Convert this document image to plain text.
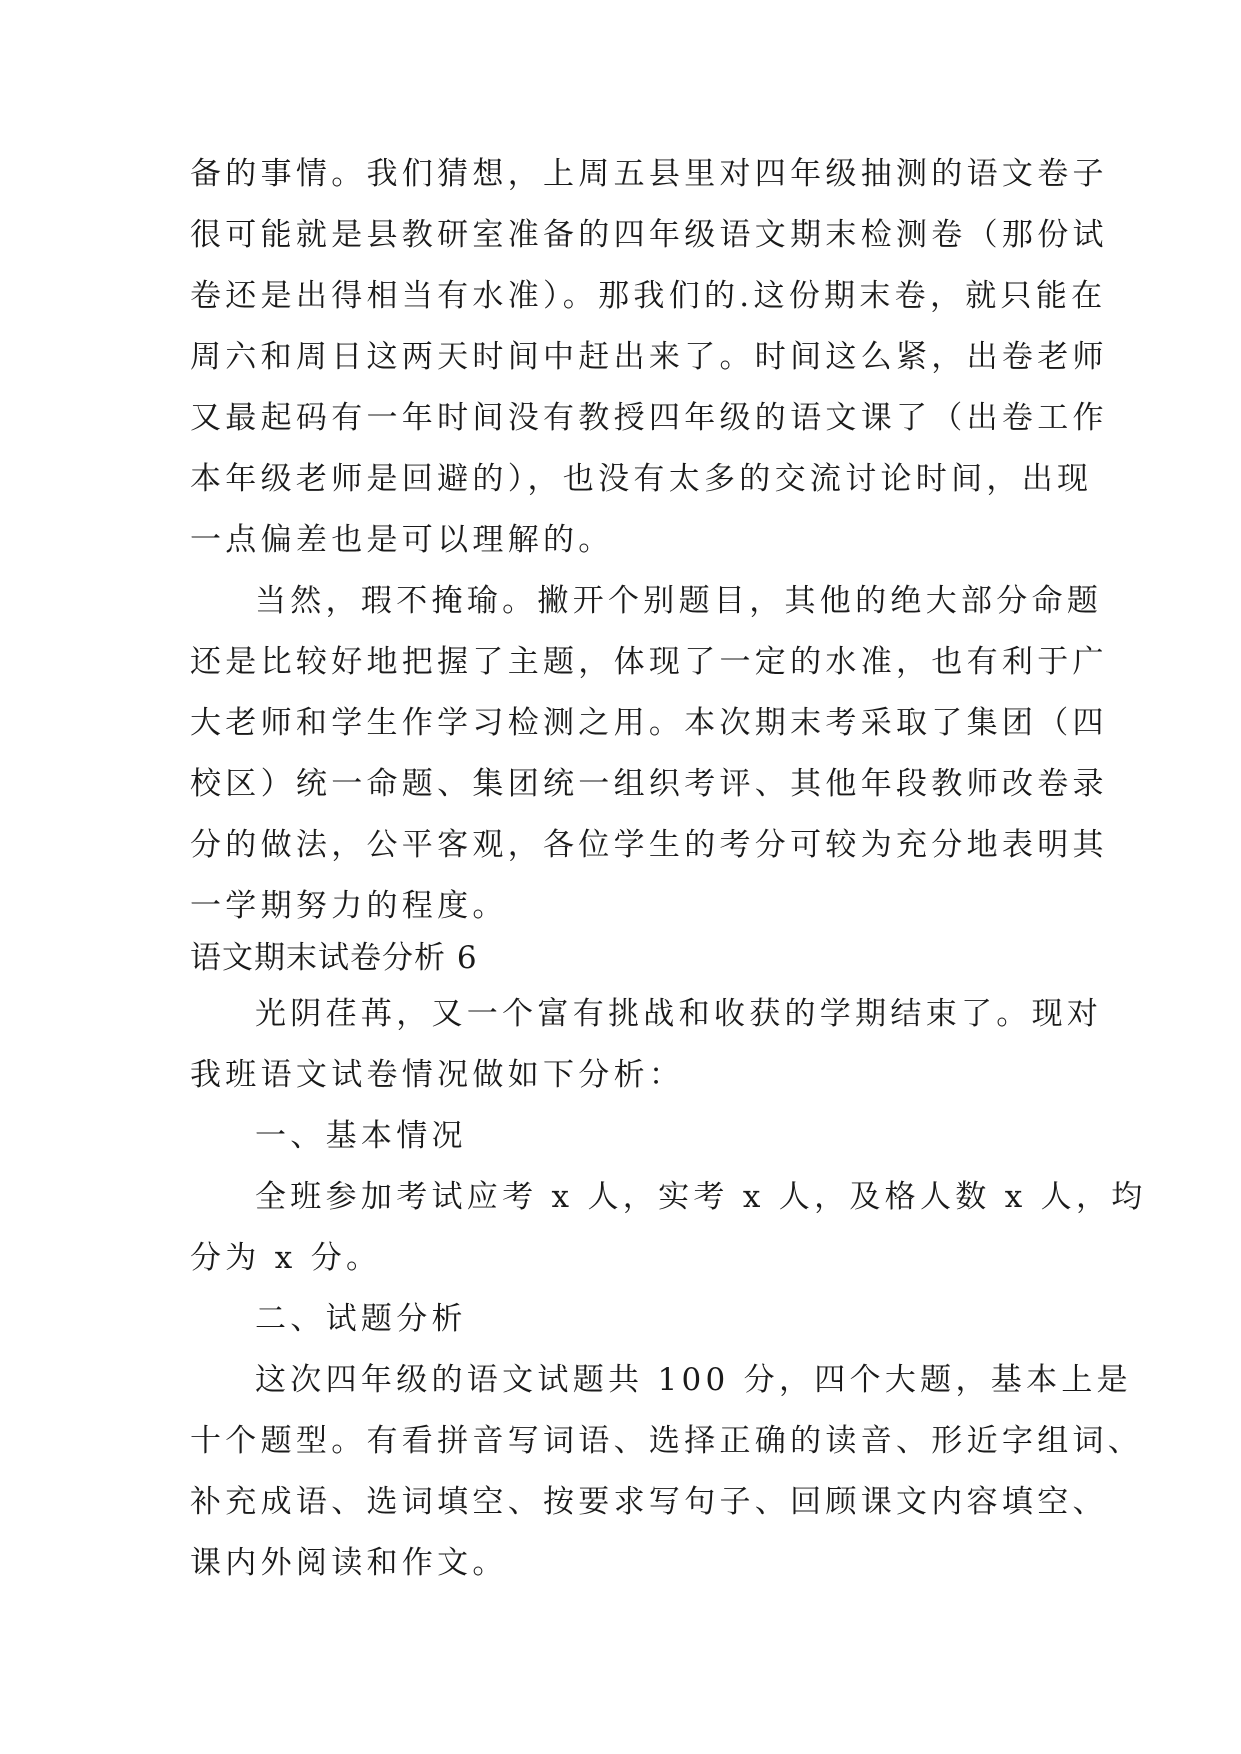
备的事情。我们猜想，上周五县里对四年级抽测的语文卷子
很可能就是县教研室准备的四年级语文期末检测卷（那份试
卷还是出得相当有水准）。那我们的.这份期末卷，就只能在
周六和周日这两天时间中赶出来了。时间这么紧，出卷老师
又最起码有一年时间没有教授四年级的语文课了（出卷工作
本年级老师是回避的），也没有太多的交流讨论时间，出现
一点偏差也是可以理解的。
当然，瑕不掩瑜。撇开个别题目，其他的绝大部分命题
还是比较好地把握了主题，体现了一定的水准，也有利于广
大老师和学生作学习检测之用。本次期末考采取了集团（四
校区）统一命题、集团统一组织考评、其他年段教师改卷录
分的做法，公平客观，各位学生的考分可较为充分地表明其
一学期努力的程度。
语文期末试卷分析 6
光阴荏苒，又一个富有挑战和收获的学期结束了。现对
我班语文试卷情况做如下分析：
一、基本情况
全班参加考试应考 x 人，实考 x 人，及格人数 x 人，均
分为 x 分。
二、试题分析
这次四年级的语文试题共 100 分，四个大题，基本上是
十个题型。有看拼音写词语、选择正确的读音、形近字组词、
补充成语、选词填空、按要求写句子、回顾课文内容填空、
课内外阅读和作文。
